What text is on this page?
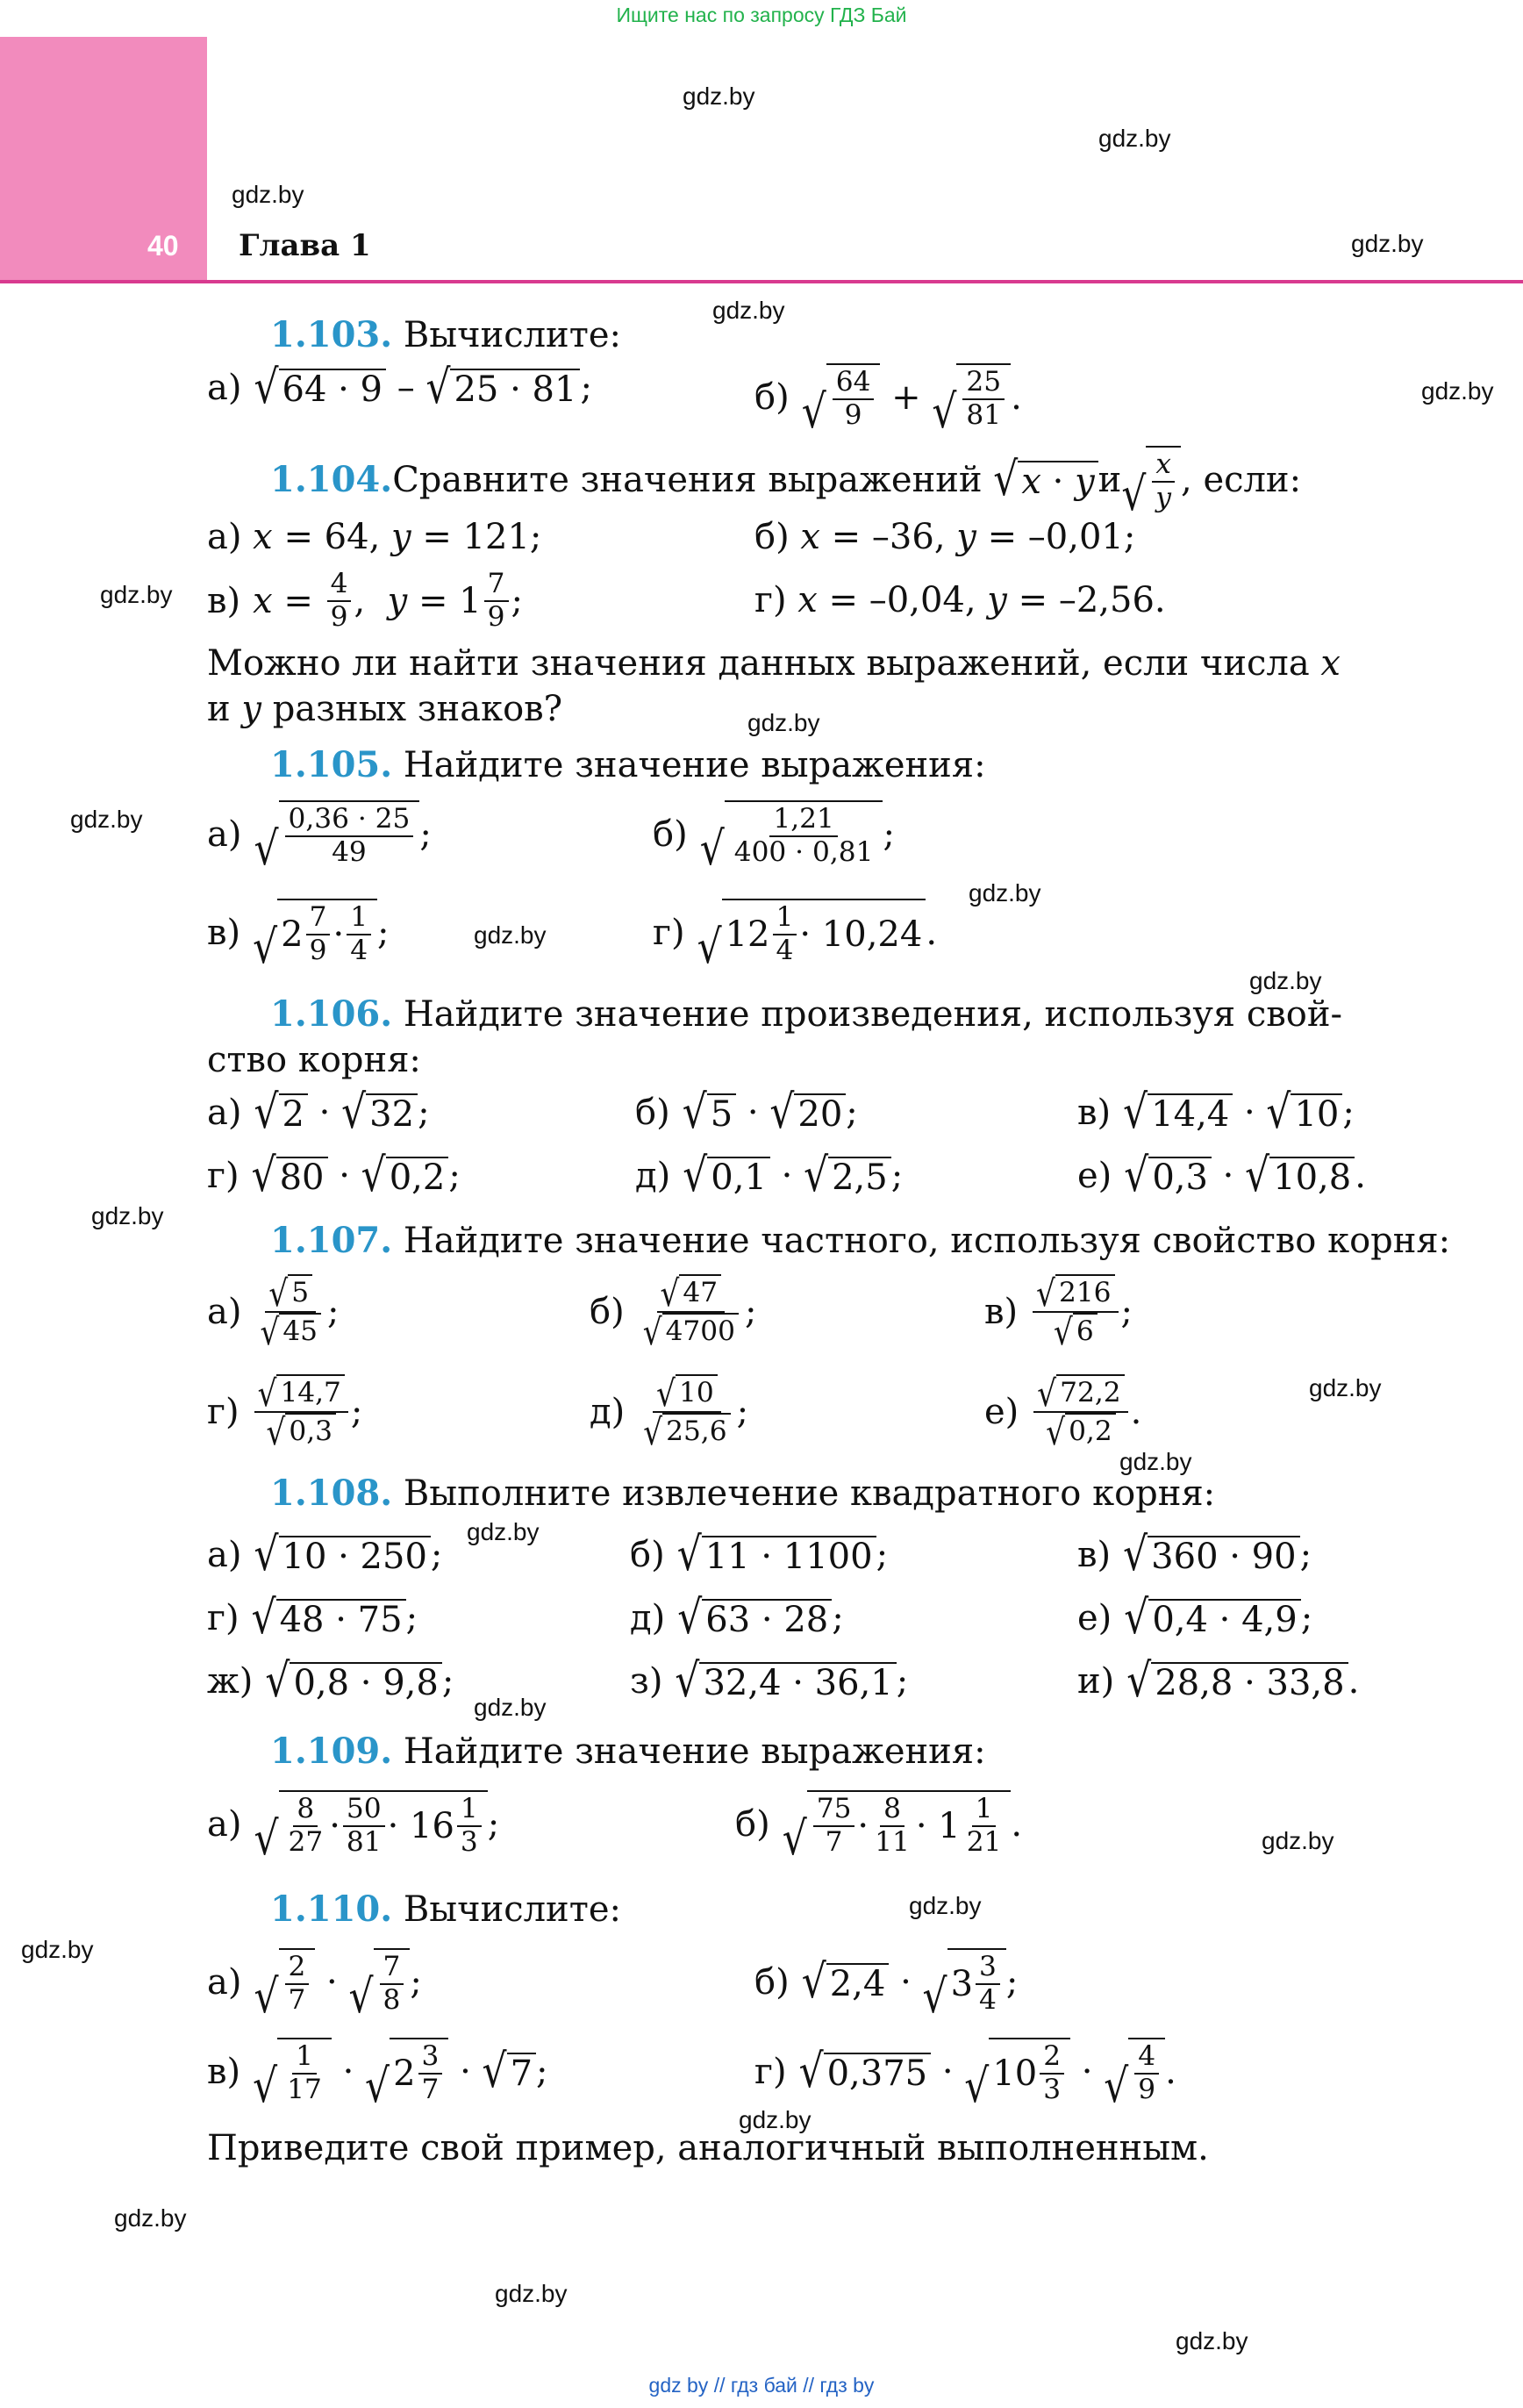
Ищите нас по запросу ГДЗ Бай
40 Глава 1
gdz.by
gdz.by
gdz.by
gdz.by
gdz.by
gdz.by
gdz.by
gdz.by
gdz.by
gdz.by
gdz.by
gdz.by
gdz.by
gdz.by
gdz.by
gdz.by
gdz.by
gdz.by
gdz.by
gdz.by
gdz.by
gdz.by
gdz.by
gdz.by
1.103. Вычислите:
а) √ 64 · 9 – √ 25 · 81 ;	б) √ $\frac{64}{9}$ + √ $\frac{25}{81}$ .
1.104. Сравните значения выражений
√ x · y и √ $\frac{x}{y}$ , если:
а) x = 64, y = 121;	б) x = –36, y = –0,01;
в) $x = \frac{4}{9}$ , $y = 1 \frac{7}{9}$ ;	г) x = –0,04, y = –2,56.
Можно ли найти значения данных выражений, если числа x
и y разных знаков?
1.105. Найдите значение выражения:
а) √ $\frac{0,36 \cdot 25}{49}$ ;	б) √ $\frac{1,21}{400 \cdot 0,81}$ ;
в) √ $2 \frac{7}{9} \cdot \frac{1}{4}$ ;	г) √ $12 \frac{1}{4} \cdot 10,24$ .
1.106. Найдите значение произведения, используя свой-
ство корня:
а) √ 2 · √ 32 ;	б) √ 5 · √ 20 ;	в) √ 14,4 · √ 10 ;
г) √ 80 · √ 0,2 ;	д) √ 0,1 · √ 2,5 ;	е) √ 0,3 · √ 10,8 .
1.107. Найдите значение частного, используя свойство корня:
$а) \frac{√ 5}{√ 45}$ ;	$б) \frac{√ 47}{√ 4700}$ ;	$в) \frac{√ 216}{√ 6}$ ;
$г) \frac{√ 14,7}{√ 0,3}$ ;	$д) \frac{√ 10}{√ 25,6}$ ;	$е) \frac{√ 72,2}{√ 0,2}$ .
1.108. Выполните извлечение квадратного корня:
а) √ 10 · 250 ;	б) √ 11 · 1100 ;	в) √ 360 · 90 ;
г) √ 48 · 75 ;	д) √ 63 · 28 ;	е) √ 0,4 · 4,9 ;
ж) √ 0,8 · 9,8 ;	з) √ 32,4 · 36,1 ;	и) √ 28,8 · 33,8 .
1.109. Найдите значение выражения:
а) √ $\frac{8}{27} \cdot \frac{50}{81} \cdot 16 \frac{1}{3}$ ;	б) √ $\frac{75}{7} \cdot \frac{8}{11} \cdot 1 \frac{1}{21}$ .
1.110. Вычислите:
а) √ $\frac{2}{7}$ · √ $\frac{7}{8}$ ;	б) √ 2,4 · √ $3 \frac{3}{4}$ ;
в) √ $\frac{1}{17}$ · √ $2 \frac{3}{7}$ · √ 7 ;	г) √ 0,375 · √ $10 \frac{2}{3}$ · √ $\frac{4}{9}$ .
Приведите свой пример, аналогичный выполненным.
gdz by // гдз бай // гдз by
